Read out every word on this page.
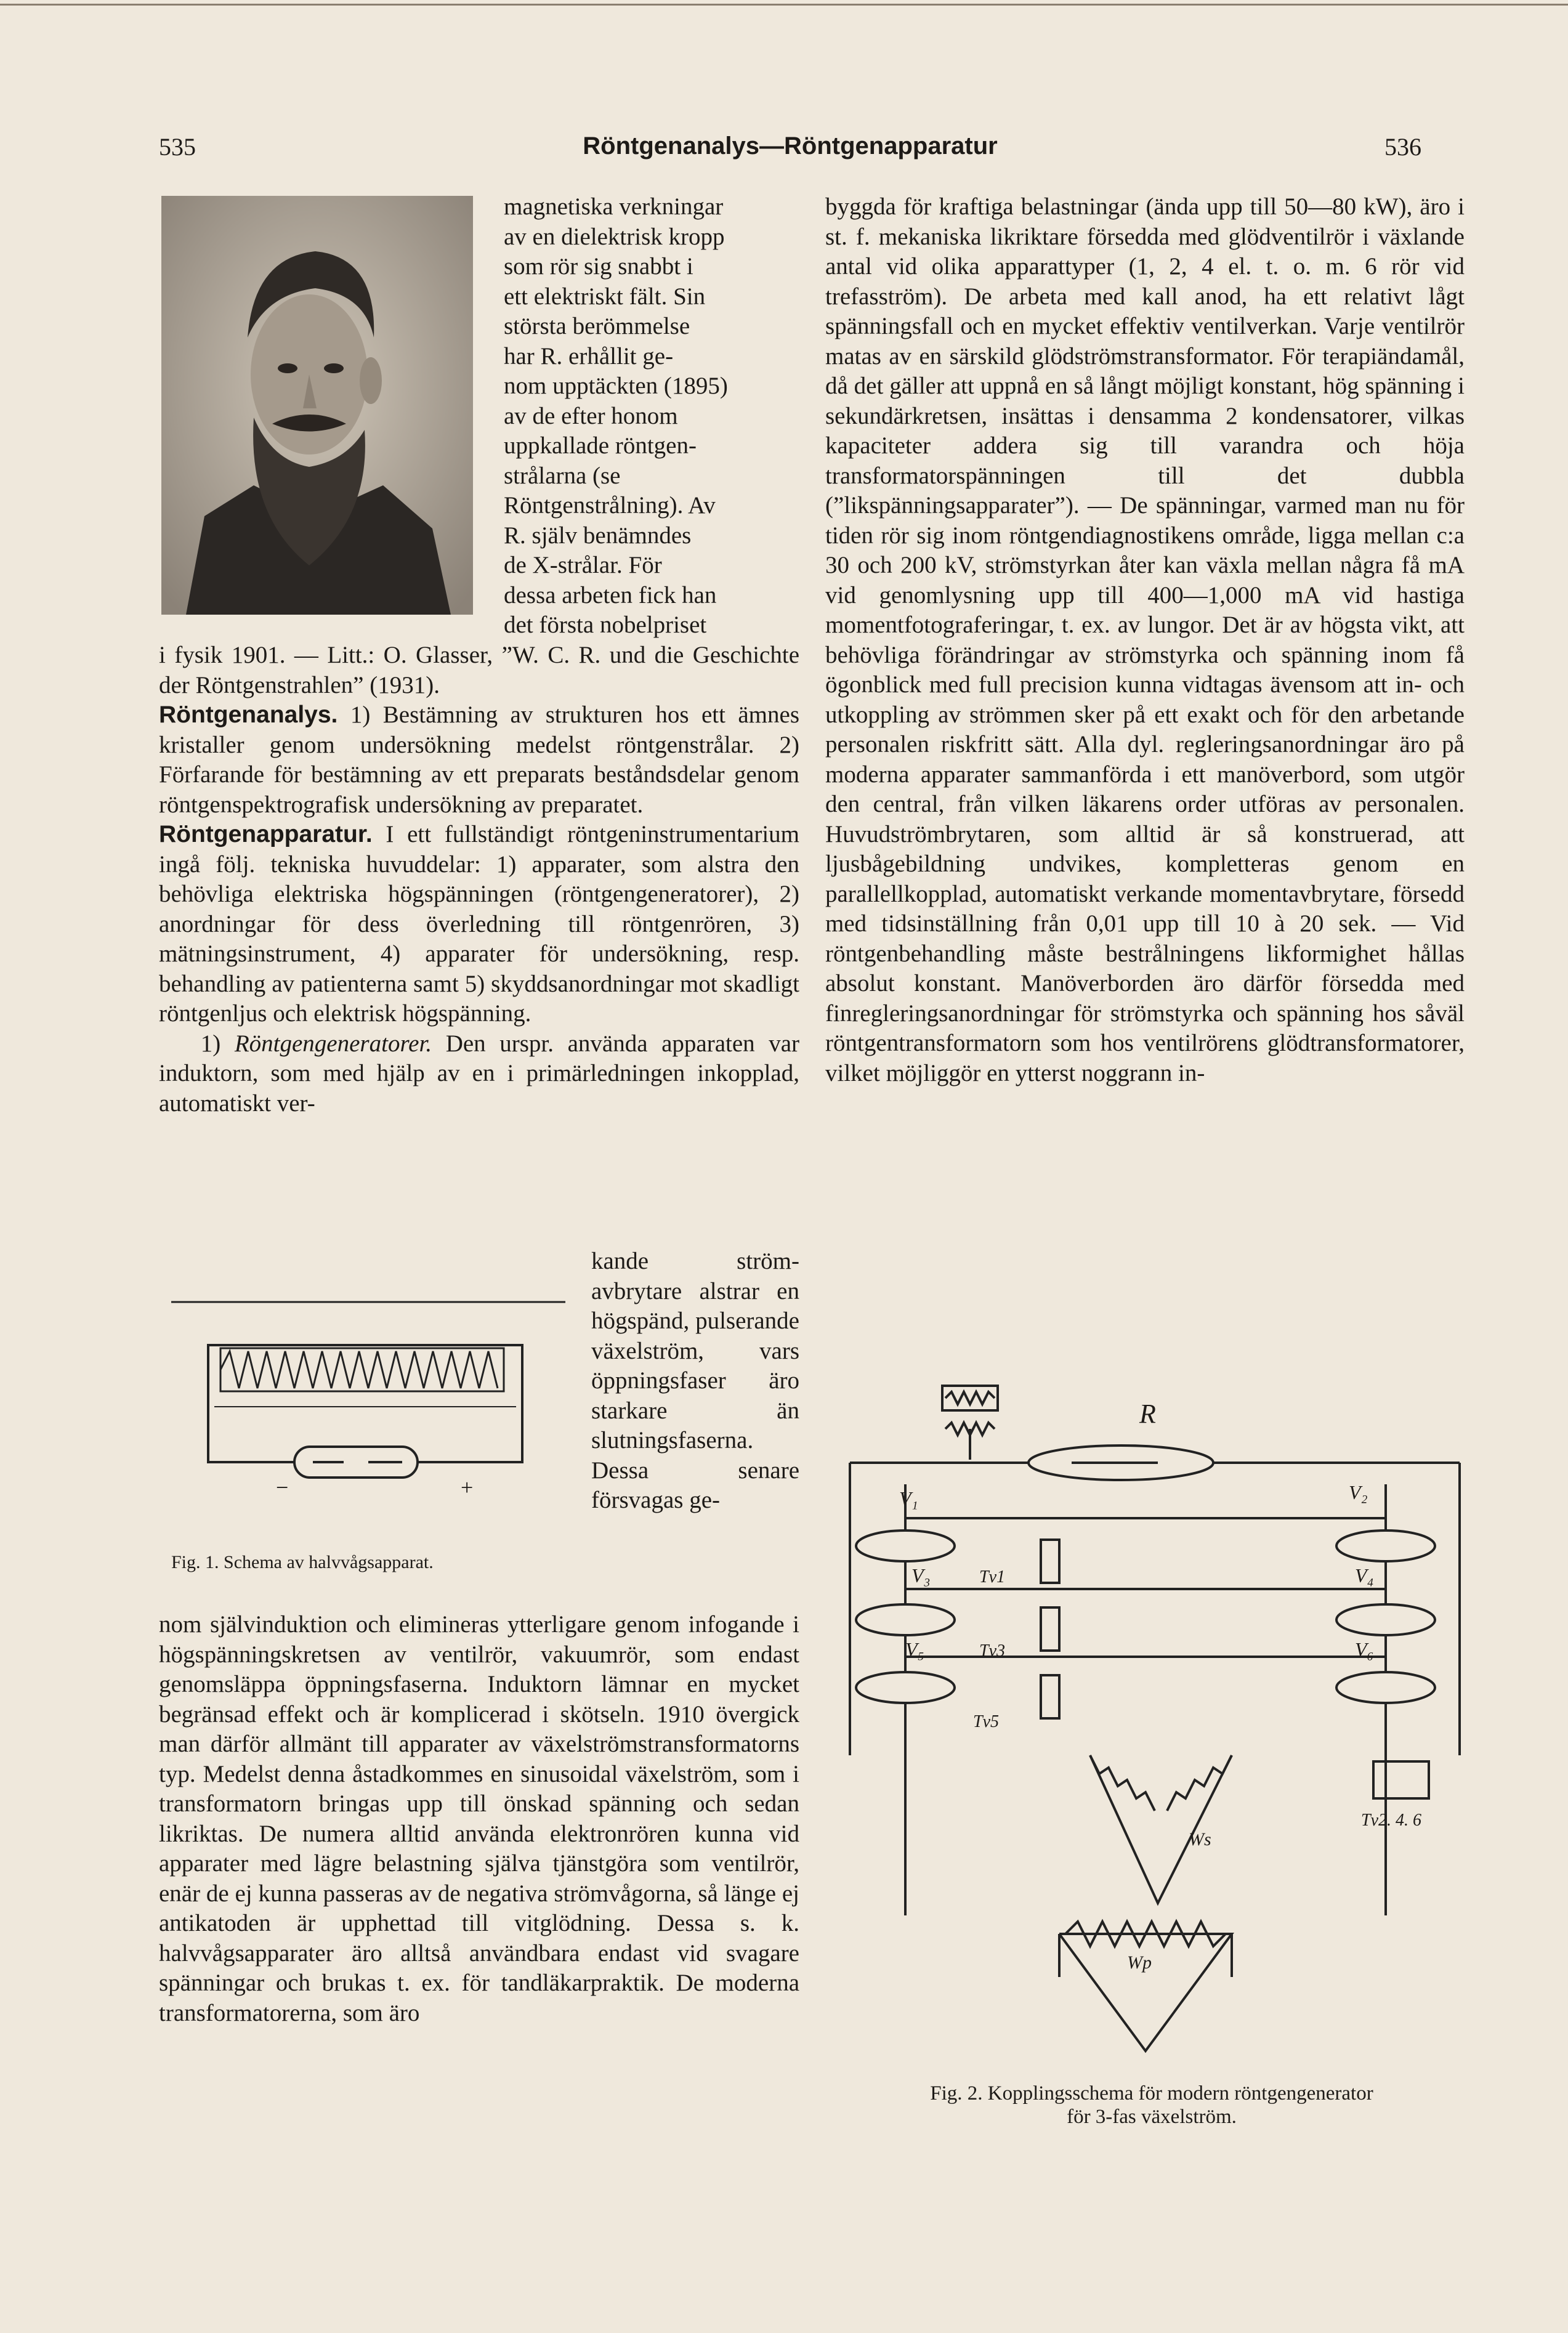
535	Röntgenanalys—Röntgenapparatur	536
magnetiska verkningar
av en dielektrisk kropp
som rör sig snabbt i
ett elektriskt fält. Sin
största berömmelse
har R. erhållit ge-
nom upptäckten (1895)
av de efter honom
uppkallade röntgen-
strålarna (se
Röntgenstrålning). Av
R. själv benämndes
de X-strålar. För
dessa arbeten fick han
det första nobelpriset

i fysik 1901. — Litt.: O. Glasser, ”W. C. R. und die Geschichte der Röntgenstrahlen” (1931).

Röntgenanalys. 1) Bestämning av strukturen hos ett ämnes kristaller genom undersökning medelst röntgenstrålar. 2) Förfarande för bestämning av ett preparats beståndsdelar genom röntgenspektrografisk undersökning av preparatet.

Röntgenapparatur. I ett fullständigt röntgeninstrumentarium ingå följ. tekniska huvuddelar: 1) apparater, som alstra den behövliga elektriska högspänningen (röntgengeneratorer), 2) anordningar för dess överledning till röntgenrören, 3) mätningsinstrument, 4) apparater för undersökning, resp. behandling av patienterna samt 5) skyddsanordningar mot skadligt röntgenljus och elektrisk högspänning.

1) Röntgengeneratorer. Den urspr. använda apparaten var induktorn, som med hjälp av en i primärledningen inkopplad, automatiskt ver-

−	+
Fig. 1. Schema av halvvågsapparat.
kande ström-avbrytare alstrar en högspänd, pulserande växelström, vars öppningsfaser äro starkare än slutningsfaserna. Dessa senare försvagas ge-
nom självinduktion och elimineras ytterligare genom infogande i högspänningskretsen av ventilrör, vakuumrör, som endast genomsläppa öppningsfaserna. Induktorn lämnar en mycket begränsad effekt och är komplicerad i skötseln. 1910 övergick man därför allmänt till apparater av växelströmstransformatorns typ. Medelst denna åstadkommes en sinusoidal växelström, som i transformatorn bringas upp till önskad spänning och sedan likriktas. De numera alltid använda elektronrören kunna vid apparater med lägre belastning själva tjänstgöra som ventilrör, enär de ej kunna passeras av de negativa strömvågorna, så länge ej antikatoden är upphettad till vitglödning. Dessa s. k. halvvågsapparater äro alltså användbara endast vid svagare spänningar och brukas t. ex. för tandläkarpraktik. De moderna transformatorerna, som äro
byggda för kraftiga belastningar (ända upp till 50—80 kW), äro i st. f. mekaniska likriktare försedda med glödventilrör i växlande antal vid olika apparattyper (1, 2, 4 el. t. o. m. 6 rör vid trefasström). De arbeta med kall anod, ha ett relativt lågt spänningsfall och en mycket effektiv ventilverkan. Varje ventilrör matas av en särskild glödströmstransformator. För terapiändamål, då det gäller att uppnå en så långt möjligt konstant, hög spänning i sekundärkretsen, insättas i densamma 2 kondensatorer, vilkas kapaciteter addera sig till varandra och höja transformatorspänningen till det dubbla (”likspänningsapparater”). — De spänningar, varmed man nu för tiden rör sig inom röntgendiagnostikens område, ligga mellan c:a 30 och 200 kV, strömstyrkan åter kan växla mellan några få mA vid genomlysning upp till 400—1,000 mA vid hastiga momentfotograferingar, t. ex. av lungor. Det är av högsta vikt, att behövliga förändringar av strömstyrka och spänning inom få ögonblick med full precision kunna vidtagas ävensom att in- och utkoppling av strömmen sker på ett exakt och för den arbetande personalen riskfritt sätt. Alla dyl. regleringsanordningar äro på moderna apparater sammanförda i ett manöverbord, som utgör den central, från vilken läkarens order utföras av personalen. Huvudströmbrytaren, som alltid är så konstruerad, att ljusbågebildning undvikes, kompletteras genom en parallellkopplad, automatiskt verkande momentavbrytare, försedd med tidsinställning från 0,01 upp till 10 à 20 sek. — Vid röntgenbehandling måste bestrålningens likformighet hållas absolut konstant. Manöverborden äro därför försedda med finregleringsanordningar för strömstyrka och spänning hos såväl röntgentransformatorn som hos ventilrörens glödtransformatorer, vilket möjliggör en ytterst noggrann in-
R
V₁	V₂
V₃	V₄
V₅	V₆
Tv1
Tv3
Tv5
Tv2. 4. 6
Ws
Wp
Fig. 2. Kopplingsschema för modern röntgengenerator
för 3-fas växelström.
